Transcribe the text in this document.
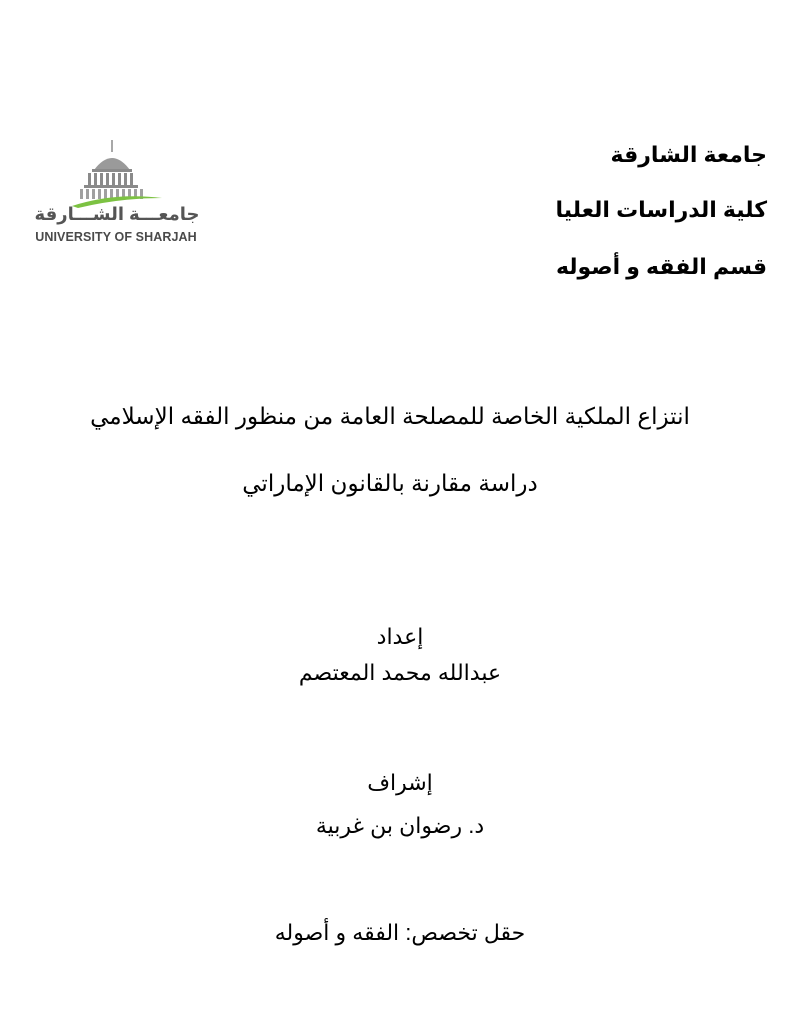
جامعة الشارقة
كلية الدراسات العليا
قسم الفقه و أصوله
جامعـــة الشـــارقة
UNIVERSITY OF SHARJAH
انتزاع الملكية الخاصة للمصلحة العامة من منظور الفقه الإسلامي
دراسة مقارنة بالقانون الإماراتي
إعداد
عبدالله محمد المعتصم
إشراف
د. رضوان بن غربية
حقل تخصص: الفقه و أصوله
